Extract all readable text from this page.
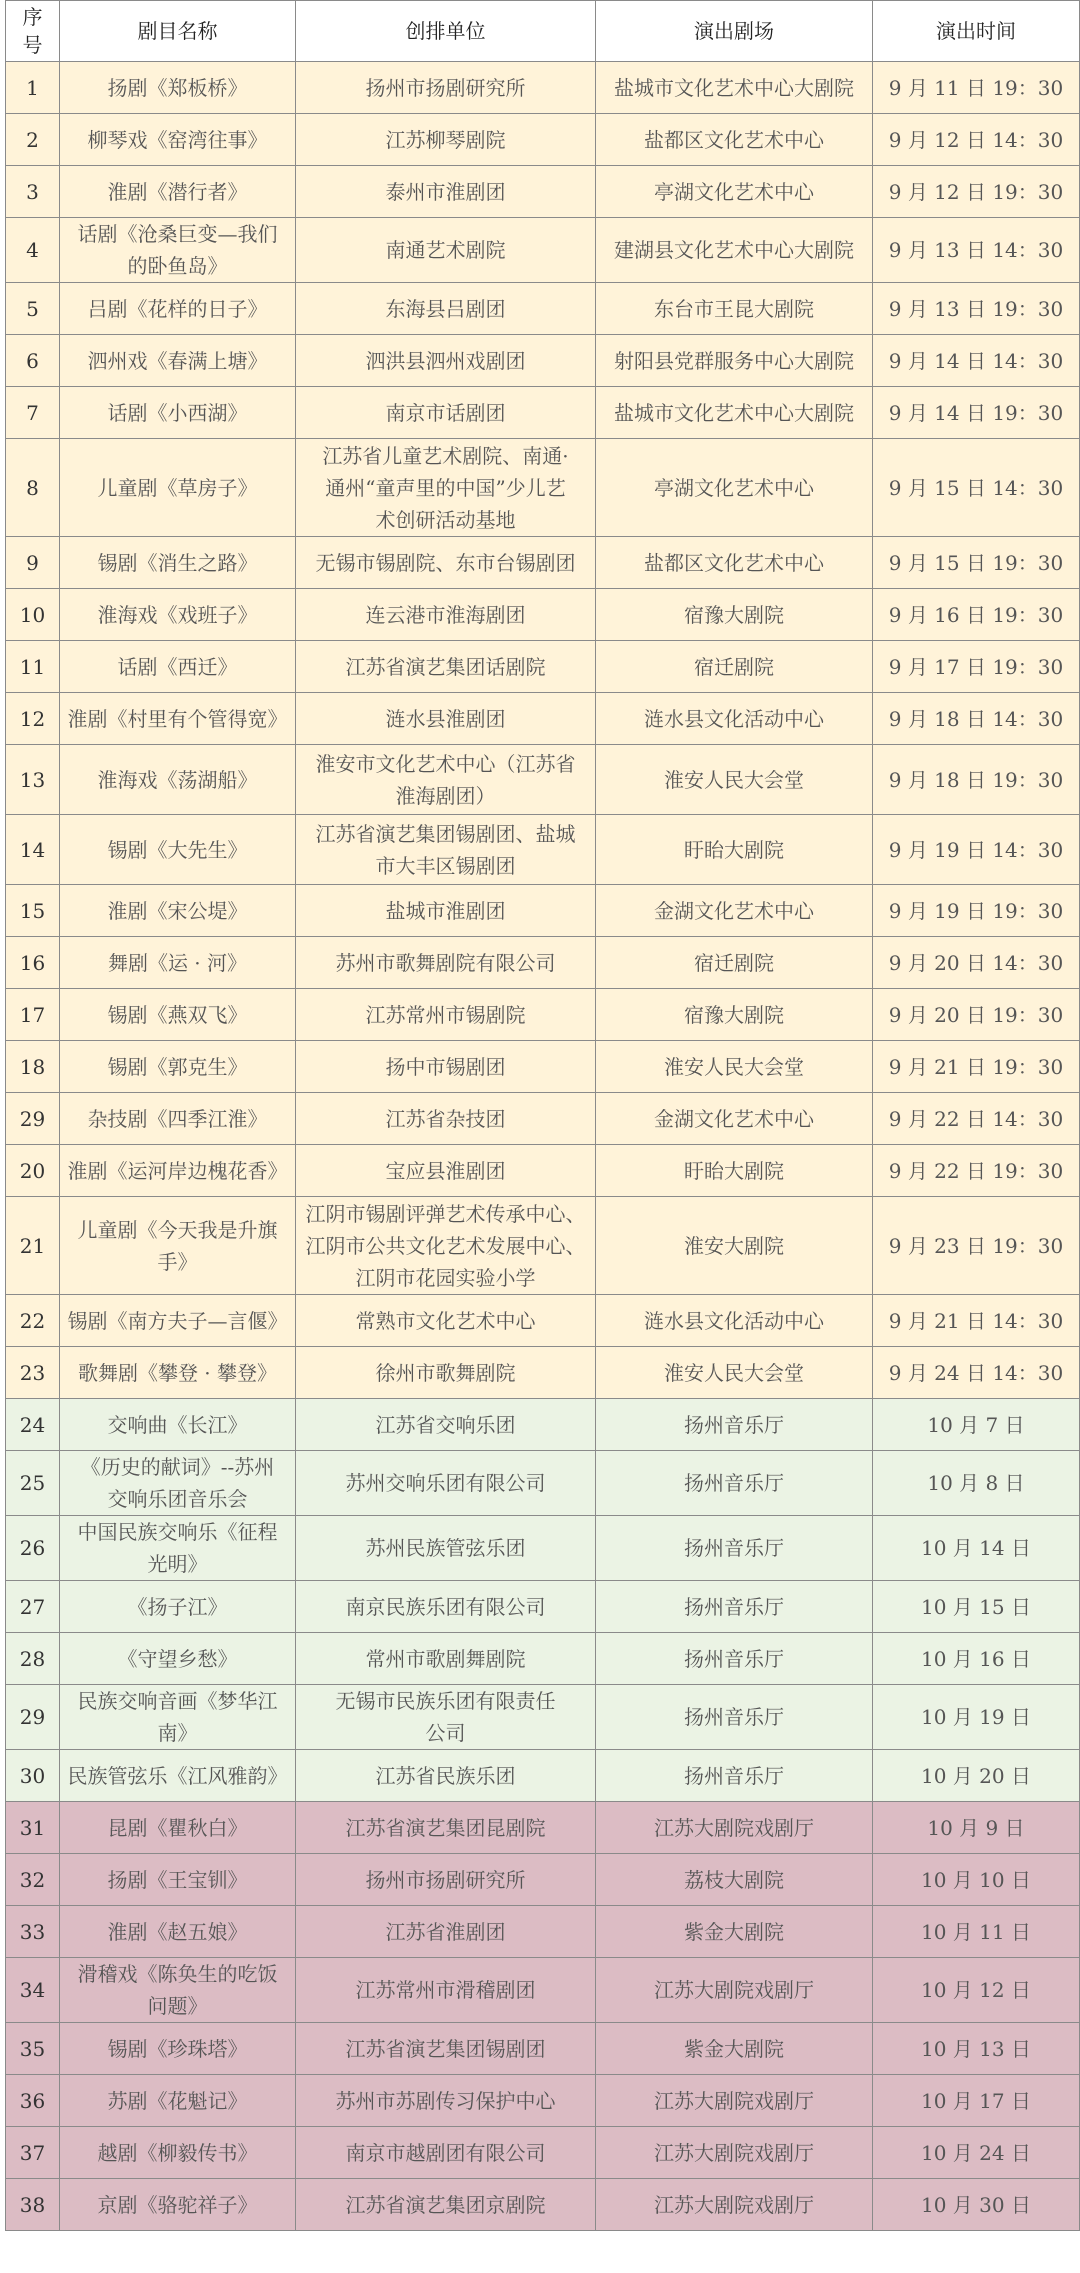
序 号	剧目名称	创排单位	演出剧场	演出时间

1	扬剧《郑板桥》	扬州市扬剧研究所	盐城市文化艺术中心大剧院	9 月 11 日 19：30

2	柳琴戏《窑湾往事》	江苏柳琴剧院	盐都区文化艺术中心	9 月 12 日 14：30

3	淮剧《潜行者》	泰州市淮剧团	亭湖文化艺术中心	9 月 12 日 19：30

4	话剧《沧桑巨变—我们
的卧鱼岛》	南通艺术剧院	建湖县文化艺术中心大剧院	9 月 13 日 14：30

5	吕剧《花样的日子》	东海县吕剧团	东台市王昆大剧院	9 月 13 日 19：30

6	泗州戏《春满上塘》	泗洪县泗州戏剧团	射阳县党群服务中心大剧院	9 月 14 日 14：30

7	话剧《小西湖》	南京市话剧团	盐城市文化艺术中心大剧院	9 月 14 日 19：30

8	儿童剧《草房子》	江苏省儿童艺术剧院、南通·
通州“童声里的中国”少儿艺
术创研活动基地	亭湖文化艺术中心	9 月 15 日 14：30

9	锡剧《消生之路》	无锡市锡剧院、东市台锡剧团	盐都区文化艺术中心	9 月 15 日 19：30

10	淮海戏《戏班子》	连云港市淮海剧团	宿豫大剧院	9 月 16 日 19：30

11	话剧《西迁》	江苏省演艺集团话剧院	宿迁剧院	9 月 17 日 19：30

12	淮剧《村里有个管得宽》	涟水县淮剧团	涟水县文化活动中心	9 月 18 日 14：30

13	淮海戏《荡湖船》	淮安市文化艺术中心（江苏省
淮海剧团）	淮安人民大会堂	9 月 18 日 19：30

14	锡剧《大先生》	江苏省演艺集团锡剧团、盐城
市大丰区锡剧团	盱眙大剧院	9 月 19 日 14：30

15	淮剧《宋公堤》	盐城市淮剧团	金湖文化艺术中心	9 月 19 日 19：30

16	舞剧《运 · 河》	苏州市歌舞剧院有限公司	宿迁剧院	9 月 20 日 14：30

17	锡剧《燕双飞》	江苏常州市锡剧院	宿豫大剧院	9 月 20 日 19：30

18	锡剧《郭克生》	扬中市锡剧团	淮安人民大会堂	9 月 21 日 19：30

29	杂技剧《四季江淮》	江苏省杂技团	金湖文化艺术中心	9 月 22 日 14：30

20	淮剧《运河岸边槐花香》	宝应县淮剧团	盱眙大剧院	9 月 22 日 19：30

21	儿童剧《今天我是升旗
手》	江阴市锡剧评弹艺术传承中心、
江阴市公共文化艺术发展中心、
江阴市花园实验小学	淮安大剧院	9 月 23 日 19：30

22	锡剧《南方夫子—言偃》	常熟市文化艺术中心	涟水县文化活动中心	9 月 21 日 14：30

23	歌舞剧《攀登 · 攀登》	徐州市歌舞剧院	淮安人民大会堂	9 月 24 日 14：30

24	交响曲《长江》	江苏省交响乐团	扬州音乐厅	10 月 7 日

25	《历史的献词》--苏州
交响乐团音乐会	苏州交响乐团有限公司	扬州音乐厅	10 月 8 日

26	中国民族交响乐《征程
光明》	苏州民族管弦乐团	扬州音乐厅	10 月 14 日

27	《扬子江》	南京民族乐团有限公司	扬州音乐厅	10 月 15 日

28	《守望乡愁》	常州市歌剧舞剧院	扬州音乐厅	10 月 16 日

29	民族交响音画《梦华江
南》	无锡市民族乐团有限责任
公司	扬州音乐厅	10 月 19 日

30	民族管弦乐《江风雅韵》	江苏省民族乐团	扬州音乐厅	10 月 20 日

31	昆剧《瞿秋白》	江苏省演艺集团昆剧院	江苏大剧院戏剧厅	10 月 9 日

32	扬剧《王宝钏》	扬州市扬剧研究所	荔枝大剧院	10 月 10 日

33	淮剧《赵五娘》	江苏省淮剧团	紫金大剧院	10 月 11 日

34	滑稽戏《陈奂生的吃饭
问题》	江苏常州市滑稽剧团	江苏大剧院戏剧厅	10 月 12 日

35	锡剧《珍珠塔》	江苏省演艺集团锡剧团	紫金大剧院	10 月 13 日

36	苏剧《花魁记》	苏州市苏剧传习保护中心	江苏大剧院戏剧厅	10 月 17 日

37	越剧《柳毅传书》	南京市越剧团有限公司	江苏大剧院戏剧厅	10 月 24 日

38	京剧《骆驼祥子》	江苏省演艺集团京剧院	江苏大剧院戏剧厅	10 月 30 日
